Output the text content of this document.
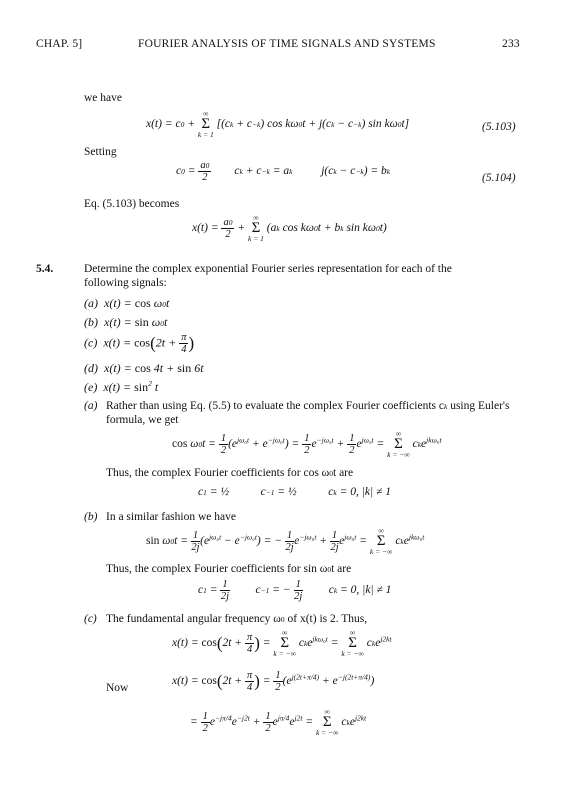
CHAP. 5]	FOURIER ANALYSIS OF TIME SIGNALS AND SYSTEMS	233
we have
x(t) = c0 +
∞
Σ
k = 1
[(ck + c−k) cos kω0t + j(ck − c−k) sin kω0t]	(5.103)
Setting
$c0 = \frac{a0}{2}$ ck + c−k = ak          j(ck − c−k) = bk
(5.104)
Eq. (5.103) becomes
$x(t) = \frac{a0}{2}$ +
∞
Σ
k = 1
(ak cos kω0t + bk sin kω0t)
5.4.	Determine the complex exponential Fourier series representation for each of the
following signals:
(a)  x(t) = cos ω0t
(b)  x(t) = sin ω0t
(c)  $x(t) = \cos(2t + \frac{\pi}{4}$ )
(d)  x(t) = cos 4t + sin 6t
(e)  $x(t) = \sin^2 t$
(a) Rather than using Eq. (5.5) to evaluate the complex Fourier coefficients ck using Euler's
formula, we get
$\cos \omega 0t = \frac{1}{2} (e^{j\omega_0t} + e^{-j\omega_0t}) = \frac{1}{2} e^{-j\omega_0t} + \frac{1}{2} e^{j\omega_0t}$ =
∞
Σ
k = −∞
cke$^{jk\omega_0t}$
Thus, the complex Fourier coefficients for cos ω0t are
c1 = ½           c−1 = ½           ck = 0, |k| ≠ 1
(b) In a similar fashion we have
$\sin \omega 0t = \frac{1}{2j} (e^{j\omega_0t} - e^{-j\omega_0t})$ = − $\frac{1}{2j} e^{-j\omega_0t} + \frac{1}{2j} e^{j\omega_0t}$ =
∞
Σ
k = −∞
cke$^{jk\omega_0t}$
Thus, the complex Fourier coefficients for sin ω0t are
$c1 = \frac{1}{2j} c-1$ = − $\frac{1}{2j}$ ck = 0, |k| ≠ 1
(c) The fundamental angular frequency ω0 of x(t) is 2. Thus,
$x(t) = \cos(2t + \frac{\pi}{4}$ ) =
∞
Σ
k = −∞
cke$^{jk\omega_0t}$ =
∞
Σ
k = −∞
cke$^{j2kt}$
Now
$x(t) = \cos(2t + \frac{\pi}{4}$ ) = $\frac{1}{2} (e^{j(2t+\pi/4)} + e^{-j(2t+\pi/4)})$
= $\frac{1}{2} e^{-j\pi/4}e^{-j2t} + \frac{1}{2} e^{j\pi/4}e^{j2t}$ =
∞
Σ
k = −∞
cke$^{j2kt}$
